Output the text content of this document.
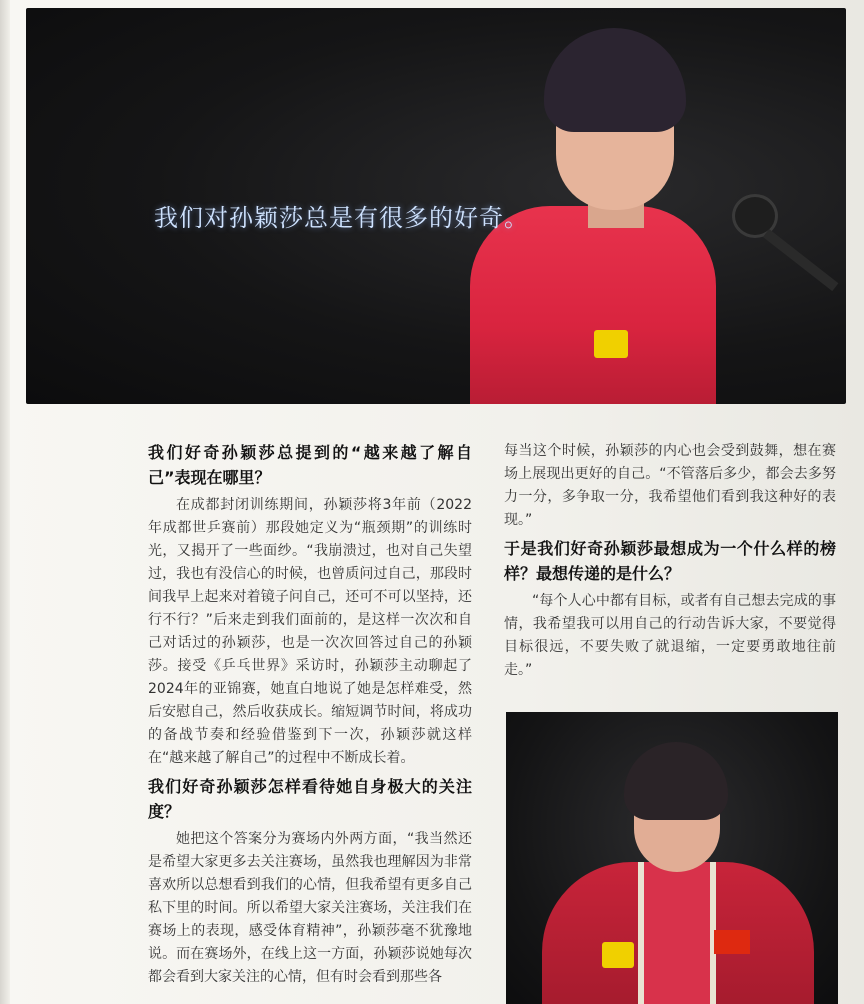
我们对孙颖莎总是有很多的好奇。
我们好奇孙颖莎总提到的“越来越了解自己”表现在哪里？
在成都封闭训练期间，孙颖莎将3年前（2022年成都世乒赛前）那段她定义为“瓶颈期”的训练时光，又揭开了一些面纱。“我崩溃过，也对自己失望过，我也有没信心的时候，也曾质问过自己，那段时间我早上起来对着镜子问自己，还可不可以坚持，还行不行？”后来走到我们面前的，是这样一次次和自己对话过的孙颖莎，也是一次次回答过自己的孙颖莎。接受《乒乓世界》采访时，孙颖莎主动聊起了2024年的亚锦赛，她直白地说了她是怎样难受，然后安慰自己，然后收获成长。缩短调节时间，将成功的备战节奏和经验借鉴到下一次，孙颖莎就这样在“越来越了解自己”的过程中不断成长着。
我们好奇孙颖莎怎样看待她自身极大的关注度？
她把这个答案分为赛场内外两方面，“我当然还是希望大家更多去关注赛场，虽然我也理解因为非常喜欢所以总想看到我们的心情，但我希望有更多自己私下里的时间。所以希望大家关注赛场，关注我们在赛场上的表现，感受体育精神”，孙颖莎毫不犹豫地说。而在赛场外，在线上这一方面，孙颖莎说她每次都会看到大家关注的心情，但有时会看到那些各
每当这个时候，孙颖莎的内心也会受到鼓舞，想在赛场上展现出更好的自己。“不管落后多少，都会去多努力一分，多争取一分，我希望他们看到我这种好的表现。”
于是我们好奇孙颖莎最想成为一个什么样的榜样？最想传递的是什么？
“每个人心中都有目标，或者有自己想去完成的事情，我希望我可以用自己的行动告诉大家，不要觉得目标很远，不要失败了就退缩，一定要勇敢地往前走。”
